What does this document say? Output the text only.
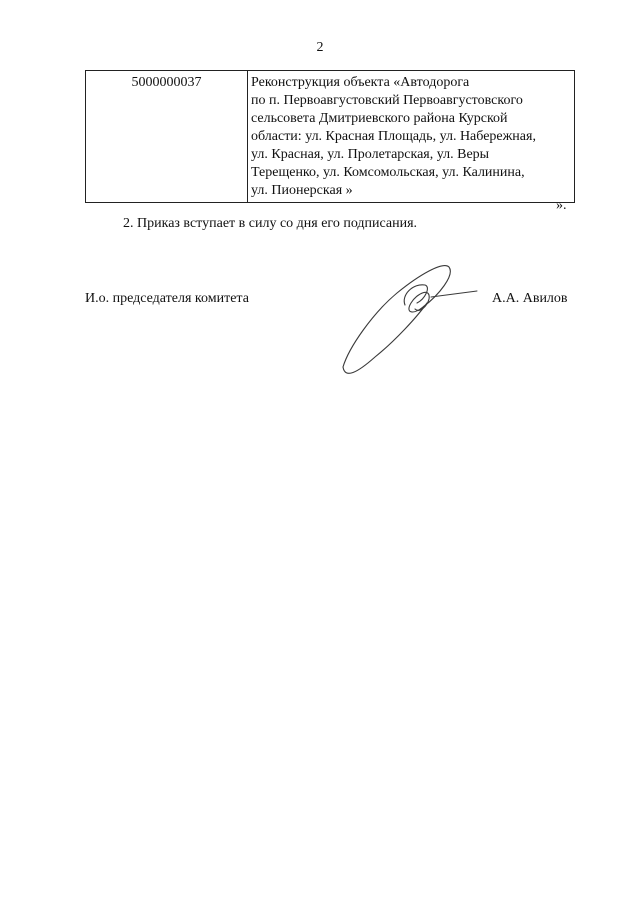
2
5000000037	Реконструкция объекта «Автодорога
по п. Первоавгустовский Первоавгустовского
сельсовета Дмитриевского района Курской
области: ул. Красная Площадь, ул. Набережная,
ул. Красная, ул. Пролетарская, ул. Веры
Терещенко, ул. Комсомольская, ул. Калинина,
ул. Пионерская »
».
2. Приказ вступает в силу со дня его подписания.
И.о. председателя комитета	А.А. Авилов
